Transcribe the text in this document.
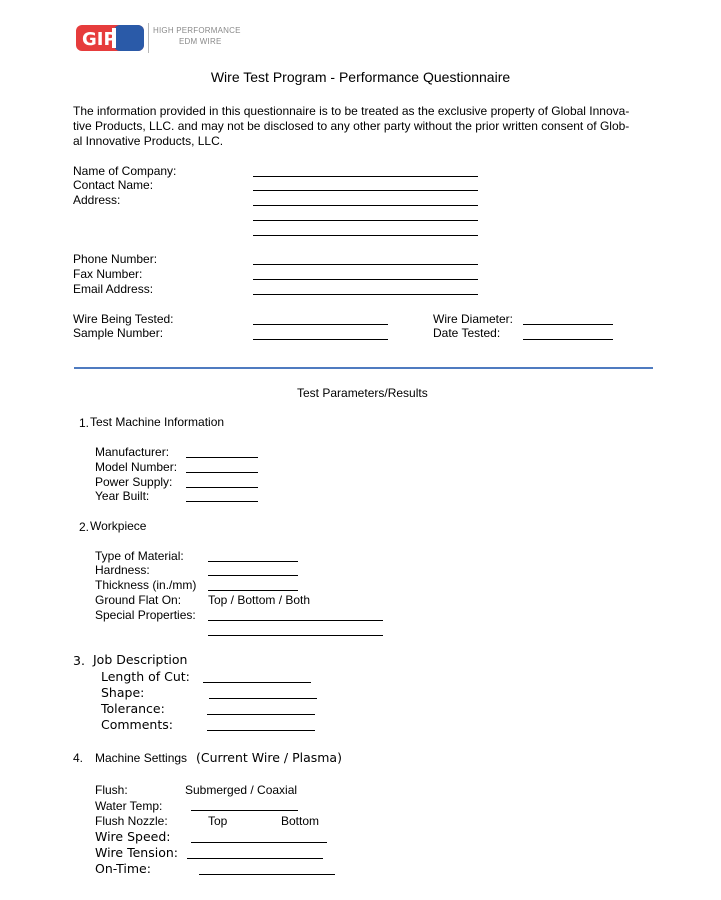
GIP	HIGH PERFORMANCE
EDM WIRE
Wire Test Program - Performance Questionnaire
The information provided in this questionnaire is to be treated as the exclusive property of Global Innova-
tive Products, LLC. and may not be disclosed to any other party without the prior written consent of Glob-
al Innovative Products, LLC.
Name of Company:
Contact Name:
Address:
Phone Number:
Fax Number:
Email Address:
Wire Being Tested:
Sample Number:
Wire Diameter:
Date Tested:
Test Parameters/Results
1. Test Machine Information
Manufacturer:
Model Number:
Power Supply:
Year Built:
2. Workpiece
Type of Material:
Hardness:
Thickness (in./mm)
Ground Flat On: Top / Bottom / Both
Special Properties:
3. Job Description
Length of Cut:
Shape:
Tolerance:
Comments:
4. Machine Settings (Current Wire / Plasma)
Flush:	Submerged / Coaxial
Water Temp:
Flush Nozzle:	Top	Bottom
Wire Speed:
Wire Tension:
On-Time:
